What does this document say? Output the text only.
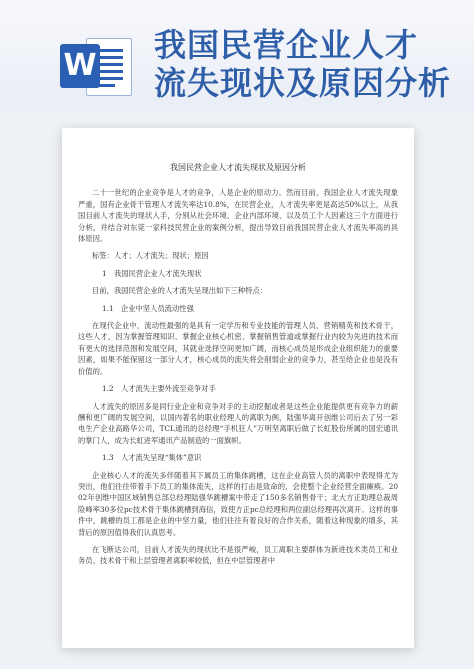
W
我国民营企业人才
流失现状及原因分析
我国民营企业人才流失现状及原因分析
二十一世纪的企业竞争是人才的竞争，人是企业的原动力。然而目前，我国企业人才流失现象严重，国有企业骨干管理人才流失率达10.8%，在民营企业，人才流失率更是高达50%以上，从我国目前人才流失的现状入手，分别从社会环境、企业内部环境、以及员工个人因素这三个方面进行分析，并结合对东莞一家科技民营企业的案例分析，提出导致目前我国民营企业人才流失率高的具体原因。
标签：人才；人才流失；现状；原因
1　我国民营企业人才流失现状
目前，我国民营企业的人才流失呈现出如下三种特点：
1.1　企业中坚人员流动性强
在现代企业中，流动性最强的是具有一定学历和专业技能的管理人员、营销精英和技术骨干，这些人才，因为掌握管理知识、掌握企业核心机密、掌握销售管道或掌握行业内较为先进的技术而有更大的选择范围和发展空间，其就业选择空间更加广阔，而核心成员是形成企业组织能力的重要因素，如果不能保留这一部分人才，核心成员的流失将会削弱企业的竞争力，甚至给企业也是没有价值的。
1.2　人才流失主要外流至竞争对手
人才流失的原因多是同行业企业和竞争对手的主动挖掘或者是这些企业能提供更有竞争力的薪酬和更广阔的发展空间，以国内著名的职业经理人的离职为例，陆强华离开创维公司后去了另一彩电生产企业高路华公司，TCL通讯的总经理“手机狂人”万明坚离职后做了长虹股份所属的国宏通讯的掌门人，成为长虹进军通讯产品制造的一面旗帜。
1.3　人才流失呈现“集体”意识
企业核心人才的流失多伴随着其下属员工的集体跳槽，这在企业高管人员的离职中表现得尤为突出，他们往往带着手下员工的集体流失，这样的打击是致命的，会使整个企业经营全面瘫痪。2002年创维中国区域销售总部总经理陆强华跳槽案中带走了150多名销售骨干；北大方正助理总裁周险峰率30多位pc技术骨干集体跳槽到海信，致使方正pc总经理和两位副总经理再次离开。这样的事件中，跳槽的员工都是企业的中坚力量，他们往往有着良好的合作关系，随着这种现象的增多，其背后的原因值得我们认真思考。
在飞断达公司，目前人才流失的现状比不是很严峻，员工离职主要群体为新进技术类员工和业务员、技术骨干和上层管理者离职率较低，但在中层管理者中
